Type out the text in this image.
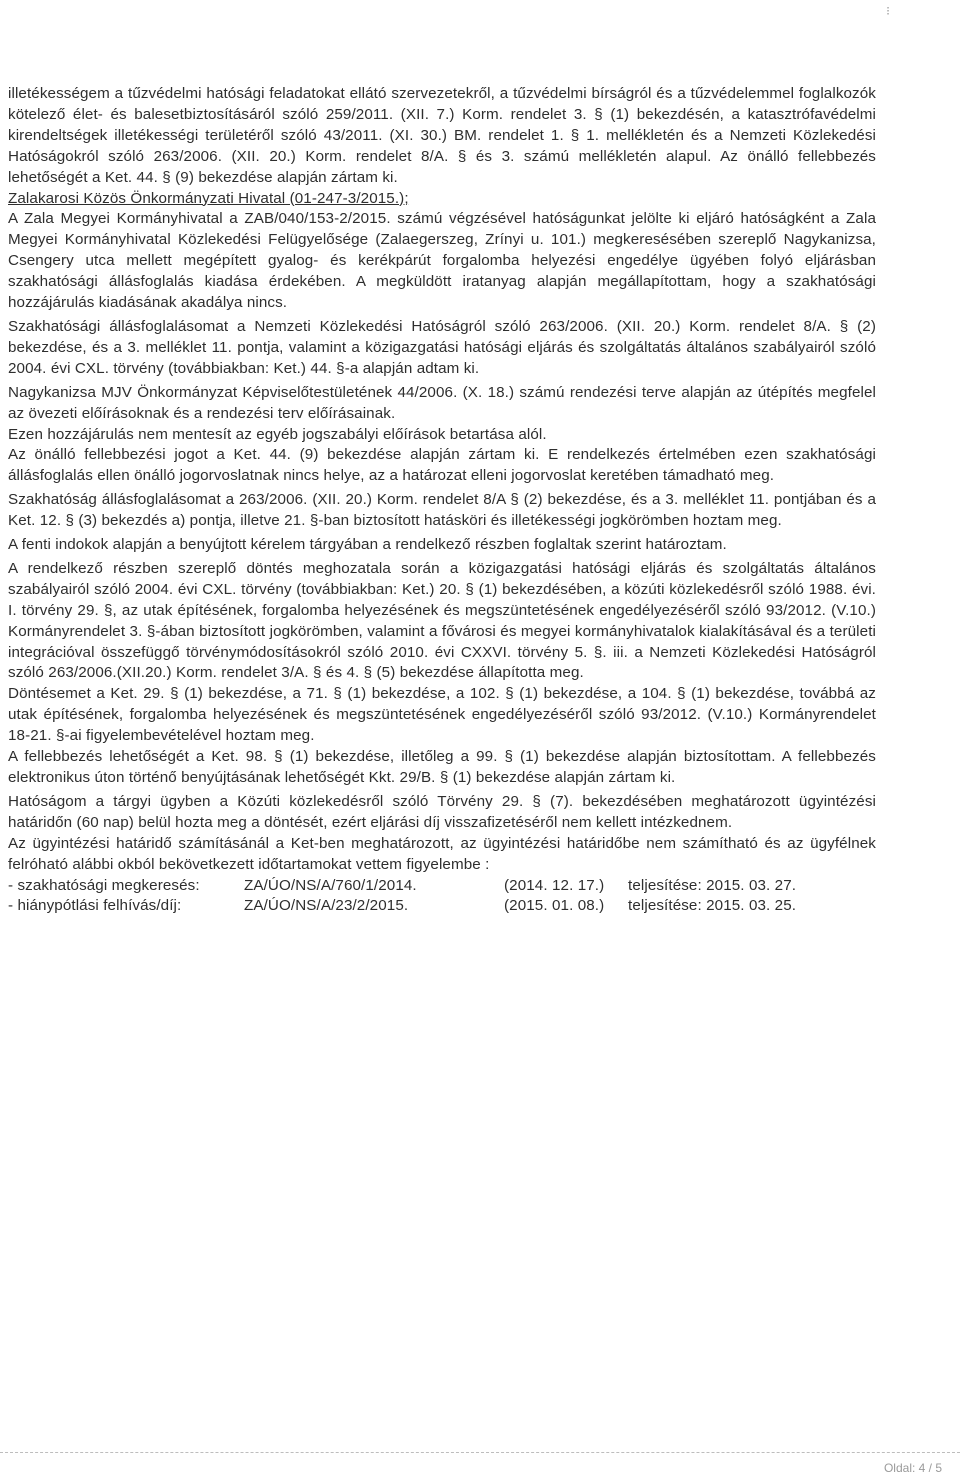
⁝

illetékességem a tűzvédelmi hatósági feladatokat ellátó szervezetekről, a tűzvédelmi bírságról és a tűzvédelemmel foglalkozók kötelező élet- és balesetbiztosításáról szóló 259/2011. (XII. 7.) Korm. rendelet 3. § (1) bekezdésén, a katasztrófavédelmi kirendeltségek illetékességi területéről szóló 43/2011. (XI. 30.) BM. rendelet 1. § 1. mellékletén és a Nemzeti Közlekedési Hatóságokról szóló 263/2006. (XII. 20.) Korm. rendelet 8/A. § és 3. számú mellékletén alapul. Az önálló fellebbezés lehetőségét a Ket. 44. § (9) bekezdése alapján zártam ki.

Zalakarosi Közös Önkormányzati Hivatal (01-247-3/2015.);

A Zala Megyei Kormányhivatal a ZAB/040/153-2/2015. számú végzésével hatóságunkat jelölte ki eljáró hatóságként a Zala Megyei Kormányhivatal Közlekedési Felügyelősége (Zalaegerszeg, Zrínyi u. 101.) megkeresésében szereplő Nagykanizsa, Csengery utca mellett megépített gyalog- és kerékpárút forgalomba helyezési engedélye ügyében folyó eljárásban szakhatósági állásfoglalás kiadása érdekében. A megküldött iratanyag alapján megállapítottam, hogy a szakhatósági hozzájárulás kiadásának akadálya nincs.

Szakhatósági állásfoglalásomat a Nemzeti Közlekedési Hatóságról szóló 263/2006. (XII. 20.) Korm. rendelet 8/A. § (2) bekezdése, és a 3. melléklet 11. pontja, valamint a közigazgatási hatósági eljárás és szolgáltatás általános szabályairól szóló 2004. évi CXL. törvény (továbbiakban: Ket.) 44. §-a alapján adtam ki.

Nagykanizsa MJV Önkormányzat Képviselőtestületének 44/2006. (X. 18.) számú rendezési terve alapján az útépítés megfelel az övezeti előírásoknak és a rendezési terv előírásainak.

Ezen hozzájárulás nem mentesít az egyéb jogszabályi előírások betartása alól.

Az önálló fellebbezési jogot a Ket. 44. (9) bekezdése alapján zártam ki. E rendelkezés értelmében ezen szakhatósági állásfoglalás ellen önálló jogorvoslatnak nincs helye, az a határozat elleni jogorvoslat keretében támadható meg.

Szakhatóság állásfoglalásomat a 263/2006. (XII. 20.) Korm. rendelet 8/A § (2) bekezdése, és a 3. melléklet 11. pontjában és a Ket. 12. § (3) bekezdés a) pontja, illetve 21. §-ban biztosított hatásköri és illetékességi jogkörömben hoztam meg.

A fenti indokok alapján a benyújtott kérelem tárgyában a rendelkező részben foglaltak szerint határoztam.

A rendelkező részben szereplő döntés meghozatala során a közigazgatási hatósági eljárás és szolgáltatás általános szabályairól szóló 2004. évi CXL. törvény (továbbiakban: Ket.) 20. § (1) bekezdésében, a közúti közlekedésről szóló 1988. évi. I. törvény 29. §, az utak építésének, forgalomba helyezésének és megszüntetésének engedélyezéséről szóló 93/2012. (V.10.) Kormányrendelet 3. §-ában biztosított jogkörömben, valamint a fővárosi és megyei kormányhivatalok kialakításával és a területi integrációval összefüggő törvénymódosításokról szóló 2010. évi CXXVI. törvény 5. §. iii. a Nemzeti Közlekedési Hatóságról szóló 263/2006.(XII.20.) Korm. rendelet 3/A. § és 4. § (5) bekezdése állapította meg.

Döntésemet a Ket. 29. § (1) bekezdése, a 71. § (1) bekezdése, a 102. § (1) bekezdése, a 104. § (1) bekezdése, továbbá az utak építésének, forgalomba helyezésének és megszüntetésének engedélyezéséről szóló 93/2012. (V.10.) Kormányrendelet 18-21. §-ai figyelembevételével hoztam meg.

A fellebbezés lehetőségét a Ket. 98. § (1) bekezdése, illetőleg a 99. § (1) bekezdése alapján biztosítottam. A fellebbezés elektronikus úton történő benyújtásának lehetőségét Kkt. 29/B. § (1) bekezdése alapján zártam ki.

Hatóságom a tárgyi ügyben a Közúti közlekedésről szóló Törvény 29. § (7). bekezdésében meghatározott ügyintézési határidőn (60 nap) belül hozta meg a döntését, ezért eljárási díj visszafizetéséről nem kellett intézkednem.

Az ügyintézési határidő számításánál a Ket-ben meghatározott, az ügyintézési határidőbe nem számítható és az ügyfélnek felróható alábbi okból bekövetkezett időtartamokat vettem figyelembe :

- szakhatósági megkeresés:	ZA/ÚO/NS/A/760/1/2014.	(2014. 12. 17.)	teljesítése: 2015. 03. 27.
- hiánypótlási felhívás/díj:	ZA/ÚO/NS/A/23/2/2015.	(2015. 01. 08.)	teljesítése: 2015. 03. 25.
Oldal: 4 / 5
